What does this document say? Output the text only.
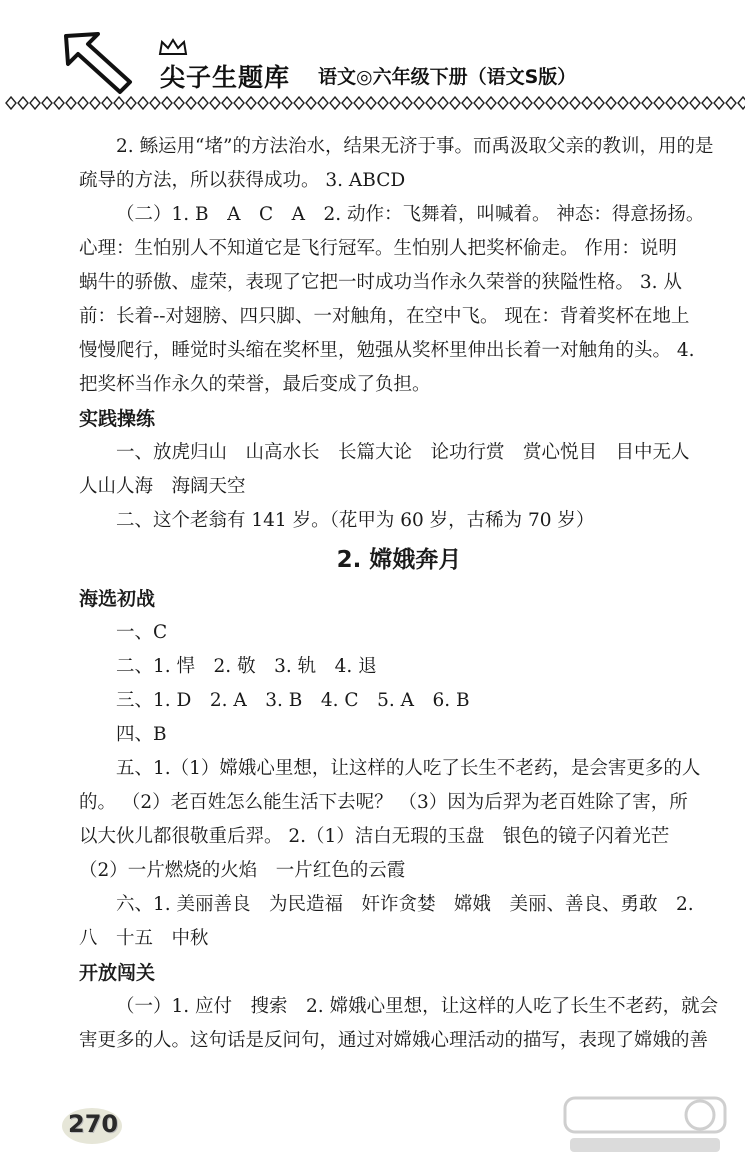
尖子生题库 语文◎六年级下册（语文S版）
2. 鲧运用“堵”的方法治水，结果无济于事。而禹汲取父亲的教训，用的是
疏导的方法，所以获得成功。 3. ABCD
（二）1. B　A　C　A　2. 动作：飞舞着，叫喊着。 神态：得意扬扬。
心理：生怕别人不知道它是飞行冠军。生怕别人把奖杯偷走。 作用：说明
蜗牛的骄傲、虚荣，表现了它把一时成功当作永久荣誉的狭隘性格。 3. 从
前：长着--对翅膀、四只脚、一对触角，在空中飞。 现在：背着奖杯在地上
慢慢爬行，睡觉时头缩在奖杯里，勉强从奖杯里伸出长着一对触角的头。 4.
把奖杯当作永久的荣誉，最后变成了负担。
实践操练
一、放虎归山　山高水长　长篇大论　论功行赏　赏心悦目　目中无人
人山人海　海阔天空
二、这个老翁有 141 岁。（花甲为 60 岁，古稀为 70 岁）
2. 嫦娥奔月
海选初战
一、C
二、1. 悍　2. 敬　3. 轨　4. 退
三、1. D　2. A　3. B　4. C　5. A　6. B
四、B
五、1.（1）嫦娥心里想，让这样的人吃了长生不老药，是会害更多的人
的。 （2）老百姓怎么能生活下去呢？ （3）因为后羿为老百姓除了害，所
以大伙儿都很敬重后羿。 2.（1）洁白无瑕的玉盘　银色的镜子闪着光芒
（2）一片燃烧的火焰　一片红色的云霞
六、1. 美丽善良　为民造福　奸诈贪婪　嫦娥　美丽、善良、勇敢　2.
八　十五　中秋
开放闯关
（一）1. 应付　搜索　2. 嫦娥心里想，让这样的人吃了长生不老药，就会
害更多的人。这句话是反问句，通过对嫦娥心理活动的描写，表现了嫦娥的善
270
